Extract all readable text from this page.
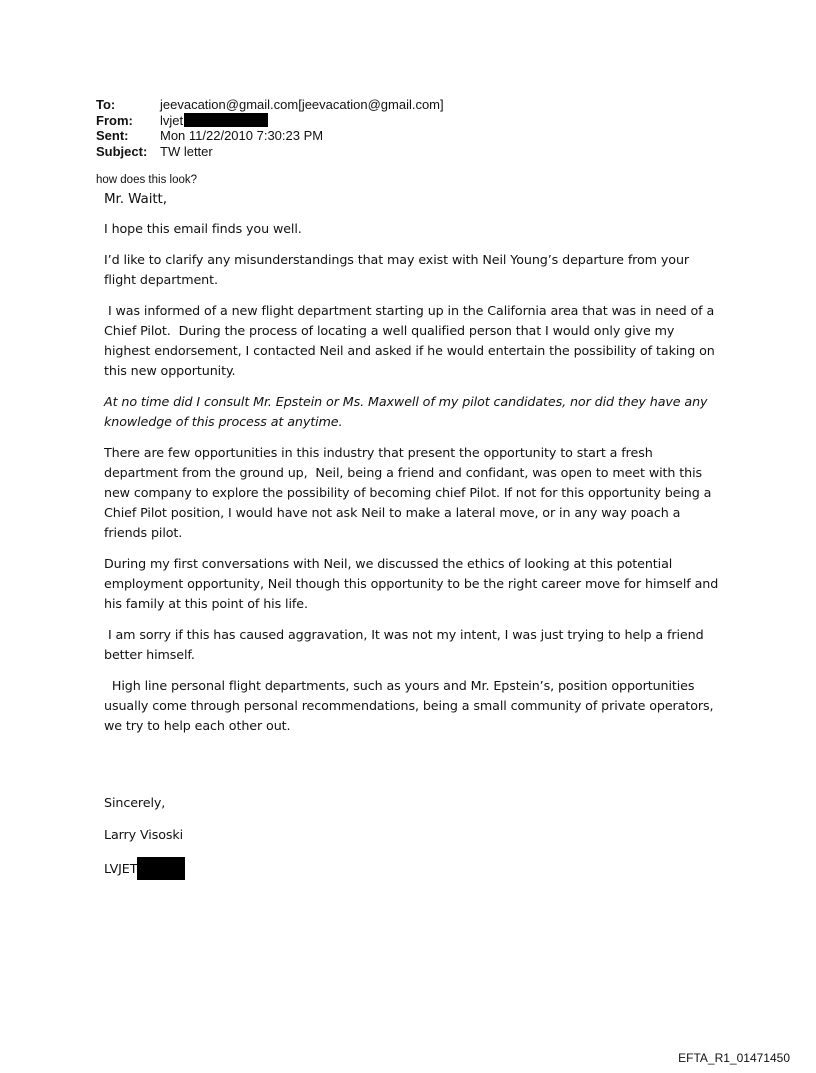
To:	jeevacation@gmail.com[jeevacation@gmail.com]
From:	lvjet
Sent:	Mon 11/22/2010 7:30:23 PM
Subject: TW letter
how does this look?

Mr. Waitt,

I hope this email finds you well.

I’d like to clarify any misunderstandings that may exist with Neil Young’s departure from your flight department.

I was informed of a new flight department starting up in the California area that was in need of a Chief Pilot.  During the process of locating a well qualified person that I would only give my highest endorsement, I contacted Neil and asked if he would entertain the possibility of taking on this new opportunity.

At no time did I consult Mr. Epstein or Ms. Maxwell of my pilot candidates, nor did they have any knowledge of this process at anytime.

There are few opportunities in this industry that present the opportunity to start a fresh department from the ground up,  Neil, being a friend and confidant, was open to meet with this new company to explore the possibility of becoming chief Pilot. If not for this opportunity being a Chief Pilot position, I would have not ask Neil to make a lateral move, or in any way poach a friends pilot.

During my first conversations with Neil, we discussed the ethics of looking at this potential employment opportunity, Neil though this opportunity to be the right career move for himself and his family at this point of his life.

I am sorry if this has caused aggravation, It was not my intent, I was just trying to help a friend better himself.

High line personal flight departments, such as yours and Mr. Epstein’s, position opportunities usually come through personal recommendations, being a small community of private operators, we try to help each other out.

Sincerely,

Larry Visoski

LVJET

EFTA_R1_01471450
